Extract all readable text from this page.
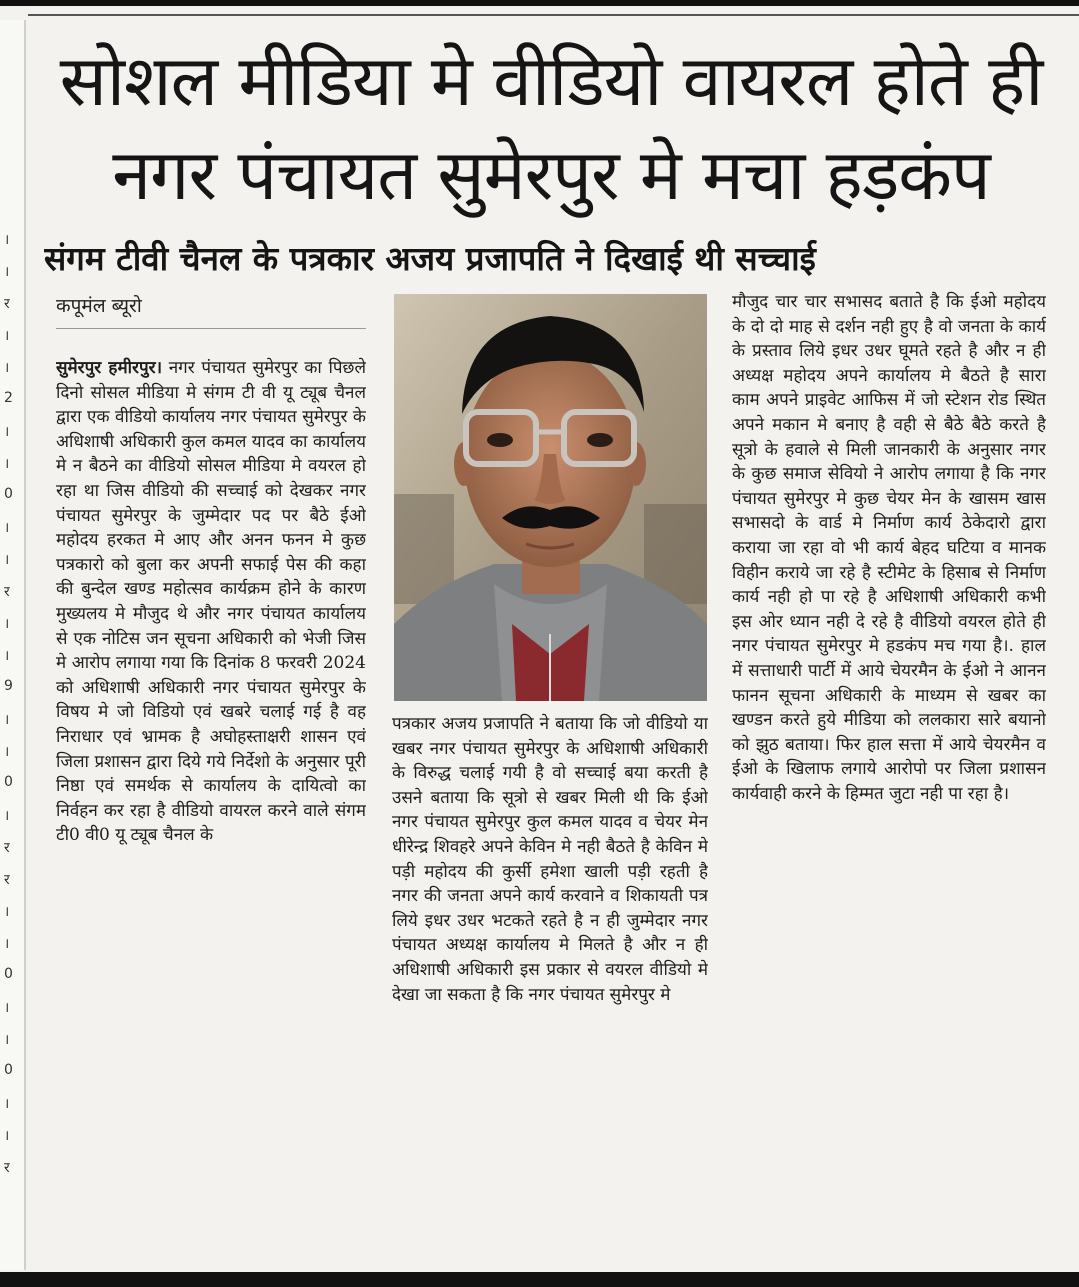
।
।
र
।
।
2
।
।
0
।
।
र
।
।
9
।
।
0
।
र
र
।
।
0
।
।
0
।
।
र
सोशल मीडिया मे वीडियो वायरल होते ही
नगर पंचायत सुमेरपुर मे मचा हड़कंप
संगम टीवी चैनल के पत्रकार अजय प्रजापति ने दिखाई थी सच्चाई
कपूमंल ब्यूरो

सुमेरपुर हमीरपुर। नगर पंचायत सुमेरपुर का पिछले दिनो सोसल मीडिया मे संगम टी वी यू ट्यूब चैनल द्वारा एक वीडियो कार्यालय नगर पंचायत सुमेरपुर के अधिशाषी अधिकारी कुल कमल यादव का कार्यालय मे न बैठने का वीडियो सोसल मीडिया मे वयरल हो रहा था जिस वीडियो की सच्चाई को देखकर नगर पंचायत सुमेरपुर के जुम्मेदार पद पर बैठे ईओ महोदय हरकत मे आए और अनन फनन मे कुछ पत्रकारो को बुला कर अपनी सफाई पेस की कहा की बुन्देल खण्ड महोत्सव कार्यक्रम होने के कारण मुख्यलय मे मौजुद थे और नगर पंचायत कार्यालय से एक नोटिस जन सूचना अधिकारी को भेजी जिस मे आरोप लगाया गया कि दिनांक 8 फरवरी 2024 को अधिशाषी अधिकारी नगर पंचायत सुमेरपुर के विषय मे जो विडियो एवं खबरे चलाई गई है वह निराधार एवं भ्रामक है अघोहस्ताक्षरी शासन एवं जिला प्रशासन द्वारा दिये गये निर्देशो के अनुसार पूरी निष्ठा एवं समर्थक से कार्यालय के दायित्वो का निर्वहन कर रहा है वीडियो वायरल करने वाले संगम टी0 वी0 यू ट्यूब चैनल के

पत्रकार अजय प्रजापति ने बताया कि जो वीडियो या खबर नगर पंचायत सुमेरपुर के अधिशाषी अधिकारी के विरुद्ध चलाई गयी है वो सच्चाई बया करती है उसने बताया कि सूत्रो से खबर मिली थी कि ईओ नगर पंचायत सुमेरपुर कुल कमल यादव व चेयर मेन धीरेन्द्र शिवहरे अपने केविन मे नही बैठते है केविन मे पड़ी महोदय की कुर्सी हमेशा खाली पड़ी रहती है नगर की जनता अपने कार्य करवाने व शिकायती पत्र लिये इधर उधर भटकते रहते है न ही जुम्मेदार नगर पंचायत अध्यक्ष कार्यालय मे मिलते है और न ही अधिशाषी अधिकारी इस प्रकार से वयरल वीडियो मे देखा जा सकता है कि नगर पंचायत सुमेरपुर मे

मौजुद चार चार सभासद बताते है कि ईओ महोदय के दो दो माह से दर्शन नही हुए है वो जनता के कार्य के प्रस्ताव लिये इधर उधर घूमते रहते है और न ही अध्यक्ष महोदय अपने कार्यालय मे बैठते है सारा काम अपने प्राइवेट आफिस में जो स्टेशन रोड स्थित अपने मकान मे बनाए है वही से बैठे बैठे करते है सूत्रो के हवाले से मिली जानकारी के अनुसार नगर के कुछ समाज सेवियो ने आरोप लगाया है कि नगर पंचायत सुमेरपुर मे कुछ चेयर मेन के खासम खास सभासदो के वार्ड मे निर्माण कार्य ठेकेदारो द्वारा कराया जा रहा वो भी कार्य बेहद घटिया व मानक विहीन कराये जा रहे है स्टीमेट के हिसाब से निर्माण कार्य नही हो पा रहे है अधिशाषी अधिकारी कभी इस ओर ध्यान नही दे रहे है वीडियो वयरल होते ही नगर पंचायत सुमेरपुर मे हडकंप मच गया है।. हाल में सत्ताधारी पार्टी में आये चेयरमैन के ईओ ने आनन फानन सूचना अधिकारी के माध्यम से खबर का खण्डन करते हुये मीडिया को ललकारा सारे बयानो को झुठ बताया। फिर हाल सत्ता में आये चेयरमैन व ईओ के खिलाफ लगाये आरोपो पर जिला प्रशासन कार्यवाही करने के हिम्मत जुटा नही पा रहा है।
